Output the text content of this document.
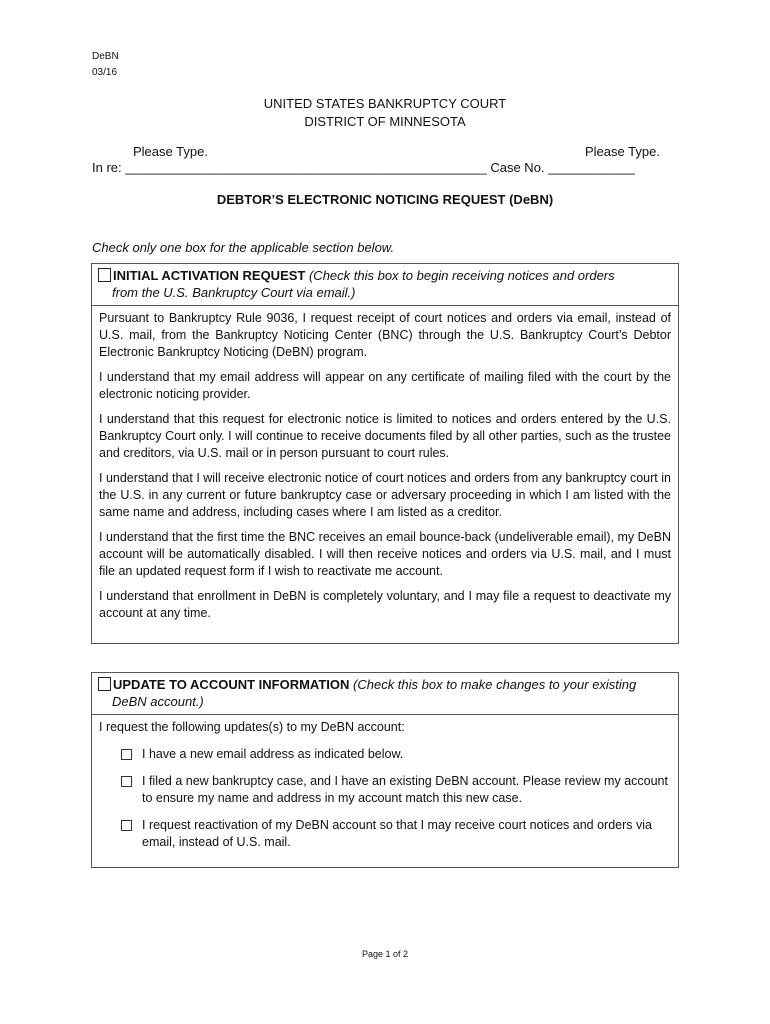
DeBN
03/16
UNITED STATES BANKRUPTCY COURT
DISTRICT OF MINNESOTA
Please Type.	Please Type.
In re: __________________________________________________ Case No. ____________
DEBTOR’S ELECTRONIC NOTICING REQUEST (DeBN)
Check only one box for the applicable section below.
INITIAL ACTIVATION REQUEST (Check this box to begin receiving notices and orders
from the U.S. Bankruptcy Court via email.)

Pursuant to Bankruptcy Rule 9036, I request receipt of court notices and orders via email, instead of U.S. mail, from the Bankruptcy Noticing Center (BNC) through the U.S. Bankruptcy Court’s Debtor Electronic Bankruptcy Noticing (DeBN) program.

I understand that my email address will appear on any certificate of mailing filed with the court by the electronic noticing provider.

I understand that this request for electronic notice is limited to notices and orders entered by the U.S. Bankruptcy Court only. I will continue to receive documents filed by all other parties, such as the trustee and creditors, via U.S. mail or in person pursuant to court rules.

I understand that I will receive electronic notice of court notices and orders from any bankruptcy court in the U.S. in any current or future bankruptcy case or adversary proceeding in which I am listed with the same name and address, including cases where I am listed as a creditor.

I understand that the first time the BNC receives an email bounce-back (undeliverable email), my DeBN account will be automatically disabled. I will then receive notices and orders via U.S. mail, and I must file an updated request form if I wish to reactivate me account.

I understand that enrollment in DeBN is completely voluntary, and I may file a request to deactivate my account at any time.

UPDATE TO ACCOUNT INFORMATION (Check this box to make changes to your existing
DeBN account.)

I request the following updates(s) to my DeBN account:

I have a new email address as indicated below.
I filed a new bankruptcy case, and I have an existing DeBN account. Please review my account to ensure my name and address in my account match this new case.
I request reactivation of my DeBN account so that I may receive court notices and orders via email, instead of U.S. mail.
Page 1 of 2
